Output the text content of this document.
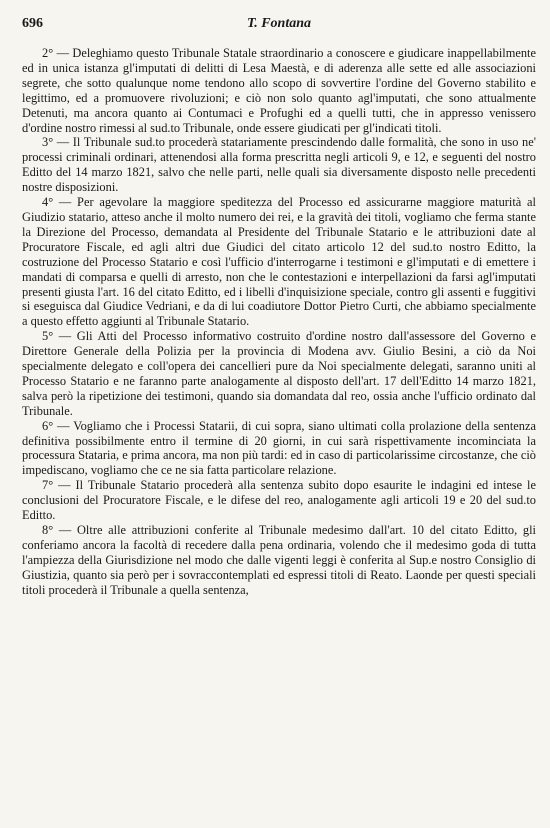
696	T. Fontana

2° — Deleghiamo questo Tribunale Statale straordinario a conoscere e giudicare inappellabilmente ed in unica istanza gl'imputati di delitti di Lesa Maestà, e di aderenza alle sette ed alle associazioni segrete, che sotto qualunque nome tendono allo scopo di sovvertire l'ordine del Governo stabilito e legittimo, ed a promuovere rivoluzioni; e ciò non solo quanto agl'imputati, che sono attualmente Detenuti, ma ancora quanto ai Contumaci e Profughi ed a quelli tutti, che in appresso venissero d'ordine nostro rimessi al sud.to Tribunale, onde essere giudicati per gl'indicati titoli.

3° — Il Tribunale sud.to procederà statariamente prescindendo dalle formalità, che sono in uso ne' processi criminali ordinari, attenendosi alla forma prescritta negli articoli 9, e 12, e seguenti del nostro Editto del 14 marzo 1821, salvo che nelle parti, nelle quali sia diversamente disposto nelle precedenti nostre disposizioni.

4° — Per agevolare la maggiore speditezza del Processo ed assicurarne maggiore maturità al Giudizio statario, atteso anche il molto numero dei rei, e la gravità dei titoli, vogliamo che ferma stante la Direzione del Processo, demandata al Presidente del Tribunale Statario e le attribuzioni date al Procuratore Fiscale, ed agli altri due Giudici del citato articolo 12 del sud.to nostro Editto, la costruzione del Processo Statario e così l'ufficio d'interrogarne i testimoni e gl'imputati e di emettere i mandati di comparsa e quelli di arresto, non che le contestazioni e interpellazioni da farsi agl'imputati presenti giusta l'art. 16 del citato Editto, ed i libelli d'inquisizione speciale, contro gli assenti e fuggitivi si eseguisca dal Giudice Vedriani, e da di lui coadiutore Dottor Pietro Curti, che abbiamo specialmente a questo effetto aggiunti al Tribunale Statario.

5° — Gli Atti del Processo informativo costruito d'ordine nostro dall'assessore del Governo e Direttore Generale della Polizia per la provincia di Modena avv. Giulio Besini, a ciò da Noi specialmente delegato e coll'opera dei cancellieri pure da Noi specialmente delegati, saranno uniti al Processo Statario e ne faranno parte analogamente al disposto dell'art. 17 dell'Editto 14 marzo 1821, salva però la ripetizione dei testimoni, quando sia domandata dal reo, ossia anche l'ufficio ordinato dal Tribunale.

6° — Vogliamo che i Processi Statarii, di cui sopra, siano ultimati colla prolazione della sentenza definitiva possibilmente entro il termine di 20 giorni, in cui sarà rispettivamente incominciata la processura Stataria, e prima ancora, ma non più tardi: ed in caso di particolarissime circostanze, che ciò impediscano, vogliamo che ce ne sia fatta particolare relazione.

7° — Il Tribunale Statario procederà alla sentenza subito dopo esaurite le indagini ed intese le conclusioni del Procuratore Fiscale, e le difese del reo, analogamente agli articoli 19 e 20 del sud.to Editto.

8° — Oltre alle attribuzioni conferite al Tribunale medesimo dall'art. 10 del citato Editto, gli conferiamo ancora la facoltà di recedere dalla pena ordinaria, volendo che il medesimo goda di tutta l'ampiezza della Giurisdizione nel modo che dalle vigenti leggi è conferita al Sup.e nostro Consiglio di Giustizia, quanto sia però per i sovraccontemplati ed espressi titoli di Reato. Laonde per questi speciali titoli procederà il Tribunale a quella sentenza,
